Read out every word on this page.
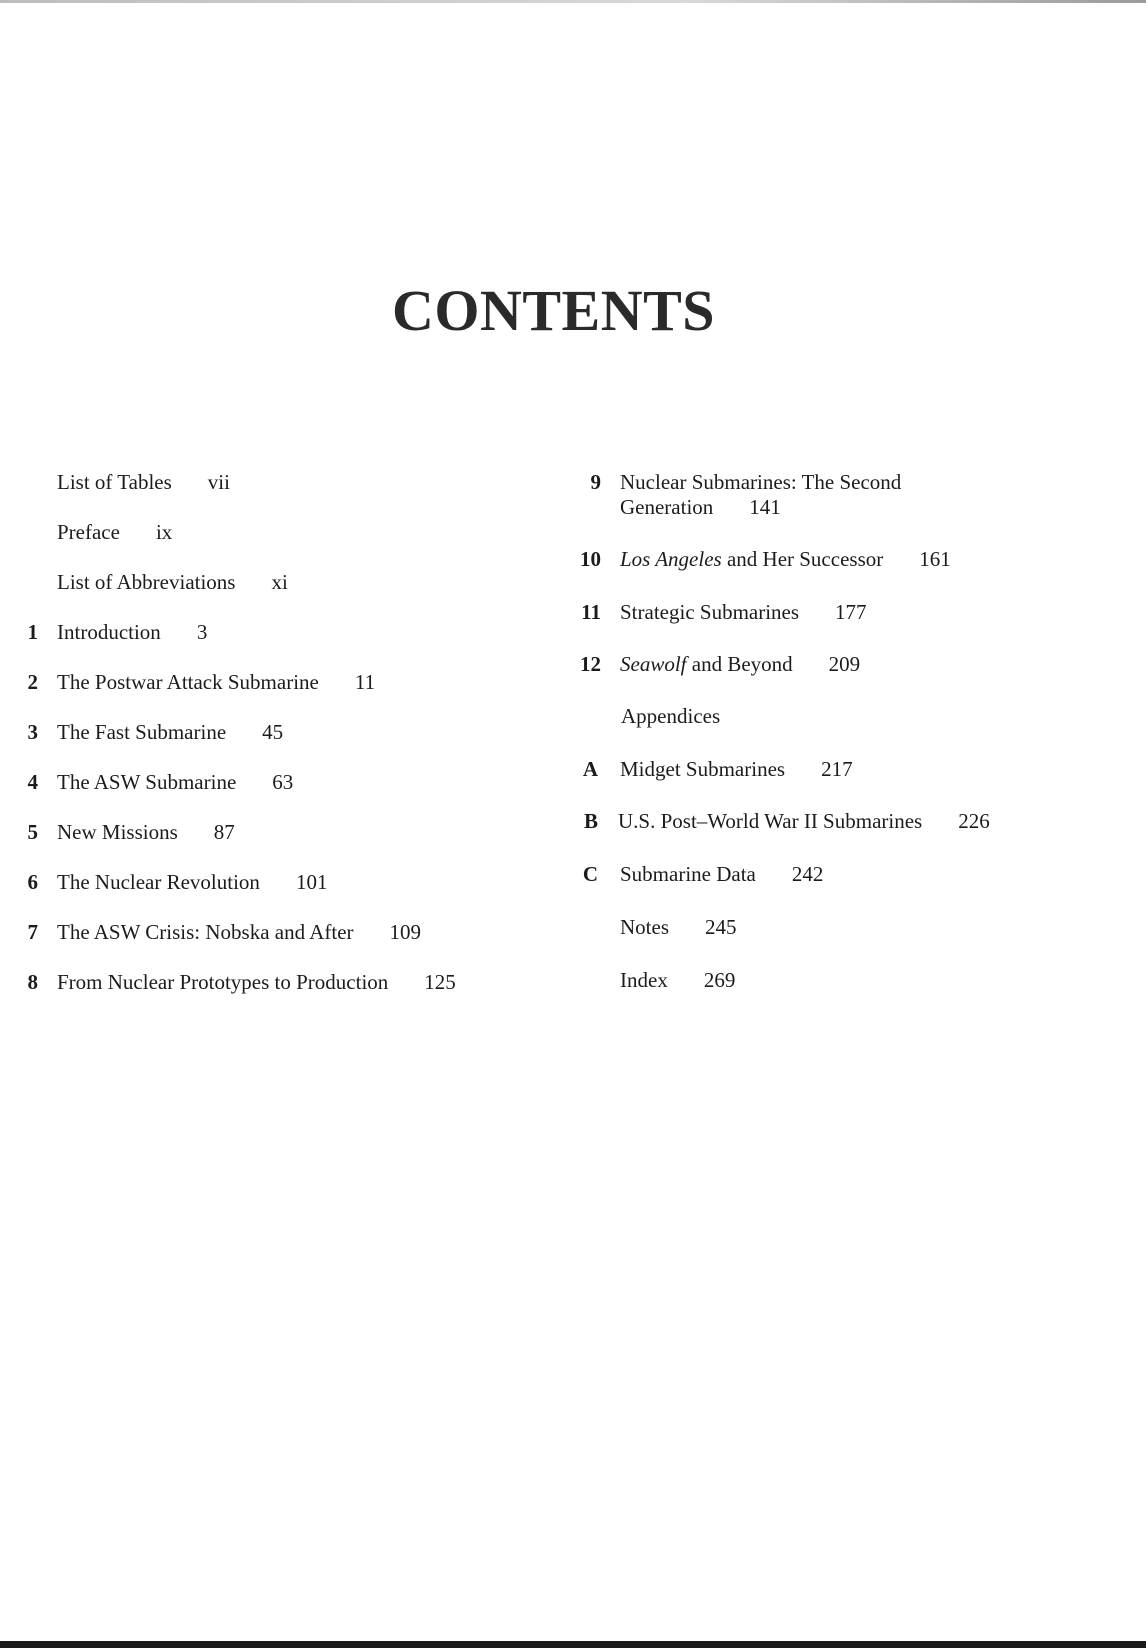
CONTENTS
List of Tables vii
Preface ix
List of Abbreviations xi
1 Introduction 3
2 The Postwar Attack Submarine 11
3 The Fast Submarine 45
4 The ASW Submarine 63
5 New Missions 87
6 The Nuclear Revolution 101
7 The ASW Crisis: Nobska and After 109
8 From Nuclear Prototypes to Production 125
9 Nuclear Submarines: The Second
Generation 141
10 Los Angeles and Her Successor 161
11 Strategic Submarines 177
12 Seawolf and Beyond 209
Appendices
A Midget Submarines 217
B U.S. Post–World War II Submarines 226
C Submarine Data 242
Notes 245
Index 269
